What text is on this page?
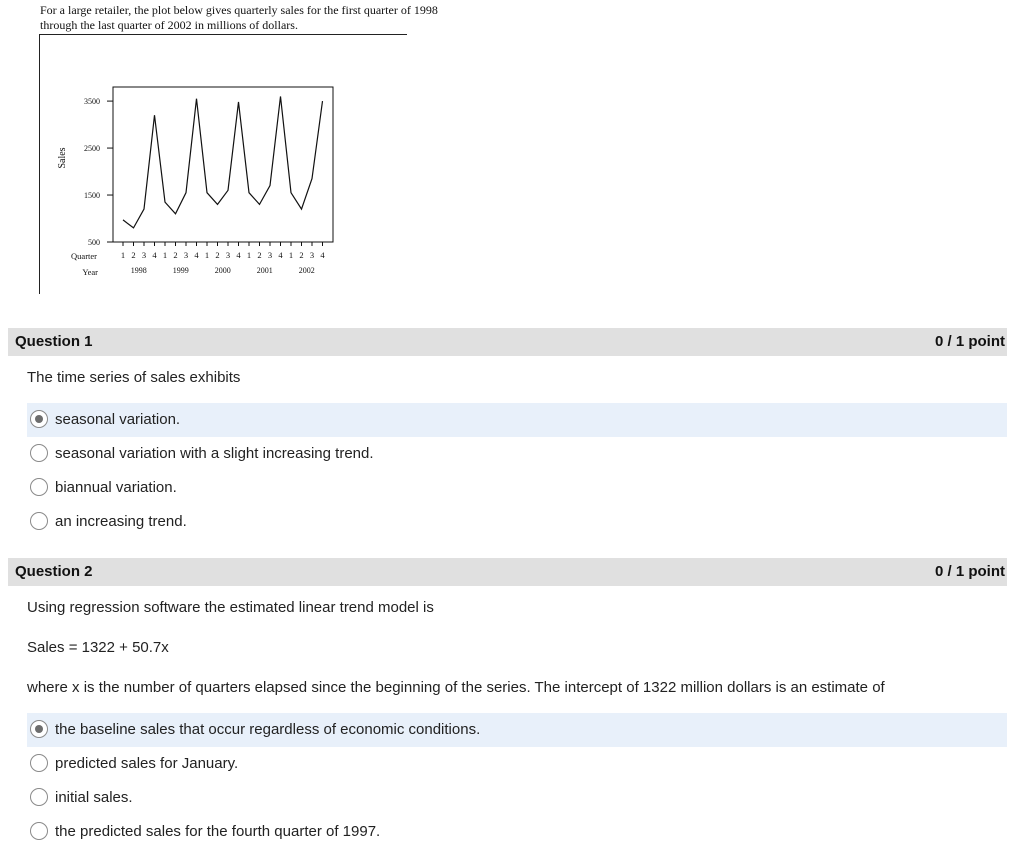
For a large retailer, the plot below gives quarterly sales for the first quarter of 1998
through the last quarter of 2002 in millions of dollars.
500
1500
2500
3500
1 2 3 4 1 2 3 4 1 2 3 4 1 2 3 4 1 2 3 4
1998	1999	2000	2001	2002
Sales
Quarter
Year
Question 1	0 / 1 point
The time series of sales exhibits
seasonal variation.
seasonal variation with a slight increasing trend.
biannual variation.
an increasing trend.
Question 2	0 / 1 point
Using regression software the estimated linear trend model is
Sales = 1322 + 50.7x
where x is the number of quarters elapsed since the beginning of the series. The intercept of 1322 million dollars is an estimate of
the baseline sales that occur regardless of economic conditions.
predicted sales for January.
initial sales.
the predicted sales for the fourth quarter of 1997.
